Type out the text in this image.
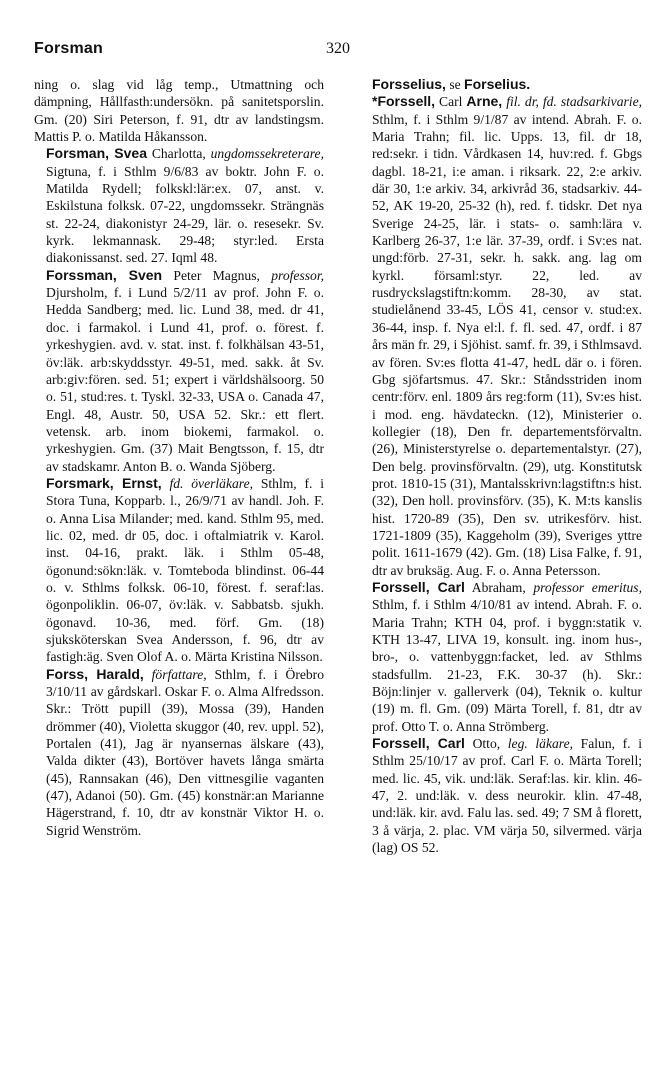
Forsman	320
ning o. slag vid låg temp., Utmattning och dämpning, Hållfasth:undersökn. på sanitetsporslin. Gm. (20) Siri Peterson, f. 91, dtr av landstingsm. Mattis P. o. Matilda Håkansson.
Forsman, Svea Charlotta, ungdomssekreterare, Sigtuna, f. i Sthlm 9/6/83 av boktr. John F. o. Matilda Rydell; folkskl:lär:ex. 07, anst. v. Eskilstuna folksk. 07-22, ungdomssekr. Strängnäs st. 22-24, diakonistyr 24-29, lär. o. resesekr. Sv. kyrk. lekmannask. 29-48; styr:led. Ersta diakonissanst. sed. 27. Iqml 48.
Forssman, Sven Peter Magnus, professor, Djursholm, f. i Lund 5/2/11 av prof. John F. o. Hedda Sandberg; med. lic. Lund 38, med. dr 41, doc. i farmakol. i Lund 41, prof. o. förest. f. yrkeshygien. avd. v. stat. inst. f. folkhälsan 43-51, öv:läk. arb:skyddsstyr. 49-51, med. sakk. åt Sv. arb:giv:fören. sed. 51; expert i världshälsoorg. 50 o. 51, stud:res. t. Tyskl. 32-33, USA o. Canada 47, Engl. 48, Austr. 50, USA 52. Skr.: ett flert. vetensk. arb. inom biokemi, farmakol. o. yrkeshygien. Gm. (37) Mait Bengtsson, f. 15, dtr av stadskamr. Anton B. o. Wanda Sjöberg.
Forsmark, Ernst, fd. överläkare, Sthlm, f. i Stora Tuna, Kopparb. l., 26/9/71 av handl. Joh. F. o. Anna Lisa Milander; med. kand. Sthlm 95, med. lic. 02, med. dr 05, doc. i oftalmiatrik v. Karol. inst. 04-16, prakt. läk. i Sthlm 05-48, ögonund:sökn:läk. v. Tomteboda blindinst. 06-44 o. v. Sthlms folksk. 06-10, förest. f. seraf:las. ögonpoliklin. 06-07, öv:läk. v. Sabbatsb. sjukh. ögonavd. 10-36, med. förf. Gm. (18) sjuksköterskan Svea Andersson, f. 96, dtr av fastigh:äg. Sven Olof A. o. Märta Kristina Nilsson.
Forss, Harald, författare, Sthlm, f. i Örebro 3/10/11 av gårdskarl. Oskar F. o. Alma Alfredsson. Skr.: Trött pupill (39), Mossa (39), Handen drömmer (40), Violetta skuggor (40, rev. uppl. 52), Portalen (41), Jag är nyansernas älskare (43), Valda dikter (43), Bortöver havets långa smärta (45), Rannsakan (46), Den vittnesgilie vaganten (47), Adanoi (50). Gm. (45) konstnär:an Marianne Hägerstrand, f. 10, dtr av konstnär Viktor H. o. Sigrid Wenström.
Forsselius, se Forselius.
*Forssell, Carl Arne, fil. dr, fd. stadsarkivarie, Sthlm, f. i Sthlm 9/1/87 av intend. Abrah. F. o. Maria Trahn; fil. lic. Upps. 13, fil. dr 18, red:sekr. i tidn. Vårdkasen 14, huv:red. f. Gbgs dagbl. 18-21, i:e aman. i riksark. 22, 2:e arkiv. där 30, 1:e arkiv. 34, arkivråd 36, stadsarkiv. 44-52, AK 19-20, 25-32 (h), red. f. tidskr. Det nya Sverige 24-25, lär. i stats- o. samh:lära v. Karlberg 26-37, 1:e lär. 37-39, ordf. i Sv:es nat. ungd:förb. 27-31, sekr. h. sakk. ang. lag om kyrkl. församl:styr. 22, led. av rusdryckslagstiftn:komm. 28-30, av stat. studielånend 33-45, LÖS 41, censor v. stud:ex. 36-44, insp. f. Nya el:l. f. fl. sed. 47, ordf. i 87 års män fr. 29, i Sjöhist. samf. fr. 39, i Sthlmsavd. av fören. Sv:es flotta 41-47, hedL där o. i fören. Gbg sjöfartsmus. 47. Skr.: Ståndsstriden inom centr:förv. enl. 1809 års reg:form (11), Sv:es hist. i mod. eng. hävdateckn. (12), Ministerier o. kollegier (18), Den fr. departementsförvaltn. (26), Ministerstyrelse o. departementalstyr. (27), Den belg. provinsförvaltn. (29), utg. Konstitutsk prot. 1810-15 (31), Mantalsskrivn:lagstiftn:s hist. (32), Den holl. provinsförv. (35), K. M:ts kanslis hist. 1720-89 (35), Den sv. utrikesförv. hist. 1721-1809 (35), Kaggeholm (39), Sveriges yttre polit. 1611-1679 (42). Gm. (18) Lisa Falke, f. 91, dtr av bruksäg. Aug. F. o. Anna Petersson.
Forssell, Carl Abraham, professor emeritus, Sthlm, f. i Sthlm 4/10/81 av intend. Abrah. F. o. Maria Trahn; KTH 04, prof. i byggn:statik v. KTH 13-47, LIVA 19, konsult. ing. inom hus-, bro-, o. vattenbyggn:facket, led. av Sthlms stadsfullm. 21-23, F.K. 30-37 (h). Skr.: Böjn:linjer v. gallerverk (04), Teknik o. kultur (19) m. fl. Gm. (09) Märta Torell, f. 81, dtr av prof. Otto T. o. Anna Strömberg.
Forssell, Carl Otto, leg. läkare, Falun, f. i Sthlm 25/10/17 av prof. Carl F. o. Märta Torell; med. lic. 45, vik. und:läk. Seraf:las. kir. klin. 46-47, 2. und:läk. v. dess neurokir. klin. 47-48, und:läk. kir. avd. Falu las. sed. 49; 7 SM å florett, 3 å värja, 2. plac. VM värja 50, silvermed. värja (lag) OS 52.
